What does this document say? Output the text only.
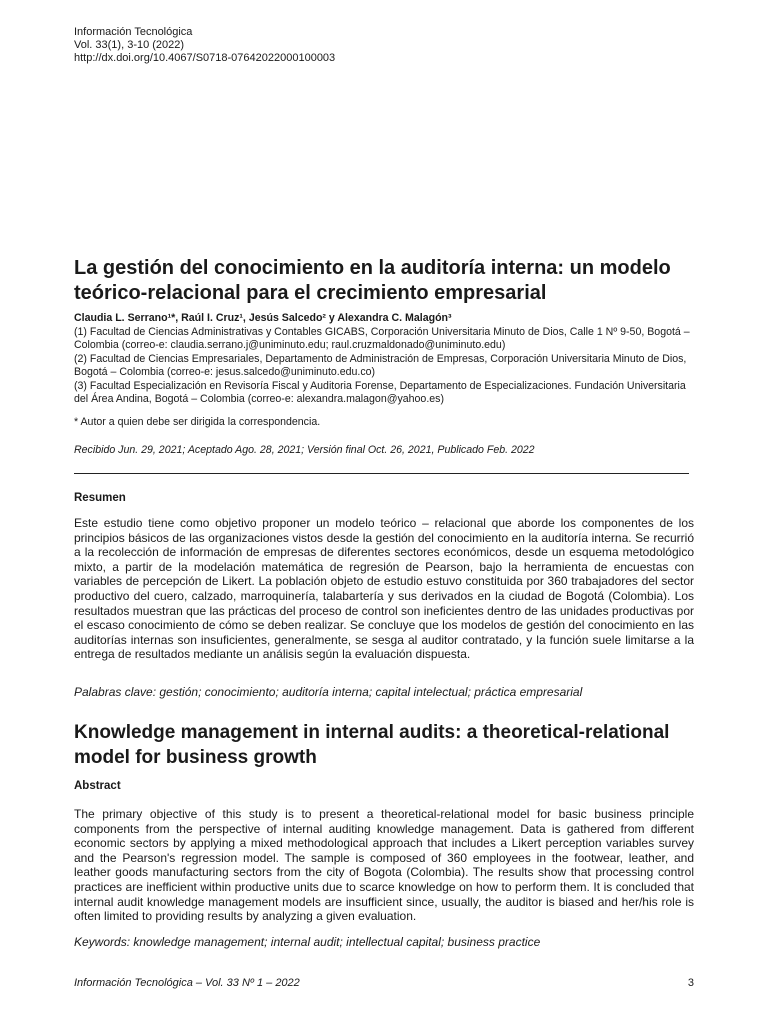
Información Tecnológica
Vol. 33(1), 3-10 (2022)
http://dx.doi.org/10.4067/S0718-07642022000100003
La gestión del conocimiento en la auditoría interna: un modelo teórico-relacional para el crecimiento empresarial
Claudia L. Serrano¹*, Raúl I. Cruz¹, Jesús Salcedo² y Alexandra C. Malagón³
(1) Facultad de Ciencias Administrativas y Contables GICABS, Corporación Universitaria Minuto de Dios, Calle 1 Nº 9-50, Bogotá – Colombia (correo-e: claudia.serrano.j@uniminuto.edu; raul.cruzmaldonado@uniminuto.edu)
(2) Facultad de Ciencias Empresariales, Departamento de Administración de Empresas, Corporación Universitaria Minuto de Dios, Bogotá – Colombia (correo-e: jesus.salcedo@uniminuto.edu.co)
(3) Facultad Especialización en Revisoría Fiscal y Auditoria Forense, Departamento de Especializaciones. Fundación Universitaria del Área Andina, Bogotá – Colombia (correo-e: alexandra.malagon@yahoo.es)
* Autor a quien debe ser dirigida la correspondencia.
Recibido Jun. 29, 2021; Aceptado Ago. 28, 2021; Versión final Oct. 26, 2021, Publicado Feb. 2022
Resumen

Este estudio tiene como objetivo proponer un modelo teórico – relacional que aborde los componentes de los principios básicos de las organizaciones vistos desde la gestión del conocimiento en la auditoría interna. Se recurrió a la recolección de información de empresas de diferentes sectores económicos, desde un esquema metodológico mixto, a partir de la modelación matemática de regresión de Pearson, bajo la herramienta de encuestas con variables de percepción de Likert. La población objeto de estudio estuvo constituida por 360 trabajadores del sector productivo del cuero, calzado, marroquinería, talabartería y sus derivados en la ciudad de Bogotá (Colombia). Los resultados muestran que las prácticas del proceso de control son ineficientes dentro de las unidades productivas por el escaso conocimiento de cómo se deben realizar. Se concluye que los modelos de gestión del conocimiento en las auditorías internas son insuficientes, generalmente, se sesga al auditor contratado, y la función suele limitarse a la entrega de resultados mediante un análisis según la evaluación dispuesta.

Palabras clave: gestión; conocimiento; auditoría interna; capital intelectual; práctica empresarial
Knowledge management in internal audits: a theoretical-relational model for business growth
Abstract

The primary objective of this study is to present a theoretical-relational model for basic business principle components from the perspective of internal auditing knowledge management. Data is gathered from different economic sectors by applying a mixed methodological approach that includes a Likert perception variables survey and the Pearson's regression model. The sample is composed of 360 employees in the footwear, leather, and leather goods manufacturing sectors from the city of Bogota (Colombia). The results show that processing control practices are inefficient within productive units due to scarce knowledge on how to perform them. It is concluded that internal audit knowledge management models are insufficient since, usually, the auditor is biased and her/his role is often limited to providing results by analyzing a given evaluation.

Keywords: knowledge management; internal audit; intellectual capital; business practice
Información Tecnológica – Vol. 33 Nº 1 – 2022	3
